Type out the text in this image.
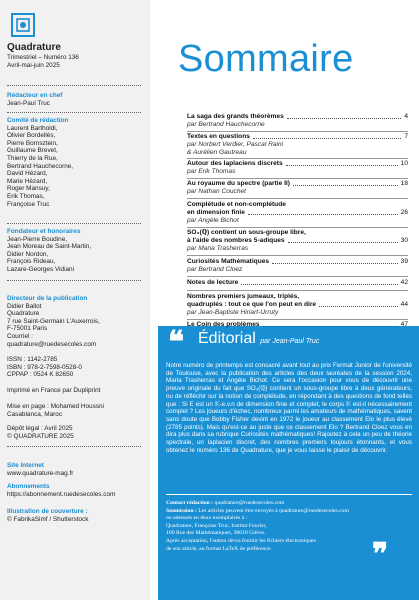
Quadrature
Trimestriel – Numéro 136
Avril-mai-juin 2025
Rédacteur en chef
Jean-Paul Truc
Comité de rédaction
Laurent Bartholdi,
Olivier Bordellès,
Pierre Bornsztein,
Guillaume Brevet,
Thierry de la Rue,
Bertrand Hauchecorne,
David Hézard,
Marie Hézard,
Roger Mansuy,
Erik Thomas,
Françoise Truc
Fondateur et honoraires
Jean-Pierre Boudine,
Jean Moreau de Saint-Martin,
Didier Nordon,
François Rideau,
Lazare-Georges Vidiani
Directeur de la publication
Didier Ballot
Quadrature
7 rue Saint-Germain L'Auxerrois,
F-75001 Paris
Courriel :
quadrature@ruedesecoles.com
ISSN : 1142-2785
ISBN : 978-2-7598-0528-0
CPPAP : 0524 K 82650
Imprimé en France par Dupliprint
Mise en page : Mohamed Houssni
Casablanca, Maroc
Dépôt légal : Avril 2025
© QUADRATURE 2025
Site Internet
www.quadrature-mag.fr
Abonnements
https://abonnement.ruedesecoles.com
Illustration de couverture :
© FabrikaSimf / Shutterstock
Sommaire
La saga des grands théorèmes	4
par Bertrand Hauchecorne
Textes en questions	7
par Norbert Verdier, Pascal Raini
& Aurélien Gautreau
Autour des laplaciens discrets	10
par Erik Thomas
Au royaume du spectre (partie II)	18
par Nathan Couchet
Complétude et non-complétude
en dimension finie	26
par Angèle Bichot
SO₃(ℚ) contient un sous-groupe libre,
à l'aide des nombres 5-adiques	30
par Maria Trasherras
Curiosités Mathématiques	39
par Bertrand Cloez
Notes de lecture	42
Nombres premiers jumeaux, triplés,
quadruplés : tout ce que l'on peut en dire	44
par Jean-Baptiste Hiriart-Urruty
Le Coin des problèmes	47
❝ Éditorial par Jean-Paul Truc
Notre numéro de printemps est consacré avant tout au prix Fermat Junior de l'université de Toulouse, avec la publication des articles des deux lauréates de la session 2024, Maria Trasherras et Angèle Bichot. Ce sera l'occasion pour vous de découvrir une preuve originale du fait que SO₃(ℚ) contient un sous-groupe libre à deux générateurs, ou de réfléchir sur la notion de complétude, en répondant à des questions de fond telles que : Si E est un 𝕂-e.v.n de dimension finie et complet, le corps 𝕂 est-il nécessairement complet ? Les joueurs d'échec, nombreux parmi les amateurs de mathématiques, savent sans doute que Bobby Fisher devint en 1972 le joueur au classement Elo le plus élevé (2785 points). Mais qu'est-ce au juste que ce classement Elo ? Bertrand Cloez vous en dira plus dans sa rubrique Curiosités mathématiques! Rajoutez à cela un peu de théorie spectrale, un laplacien discret, des nombres premiers toujours étonnants, et vous obtenez le numéro 136 de Quadrature, que je vous laisse le plaisir de découvrir.
Contact rédaction : quadrature@ruedesecoles.com
Soumission : Les articles peuvent être envoyés à quadrature@ruedesecoles.com
ou adressés en deux exemplaires à :
Quadrature, Françoise Truc, Institut Fourier,
100 Rue des Mathématiques, 38610 Gières.
Après acceptation, l'auteur devra fournir les fichiers électroniques
de son article, au format LaTeX de préférence.	❞
